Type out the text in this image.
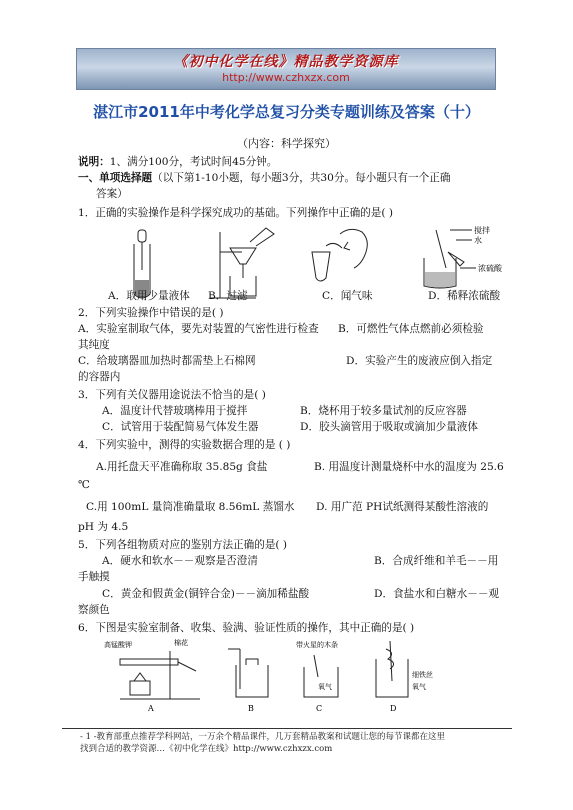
《初中化学在线》精品教学资源库
http://www.czhxzx.com
湛江市2011年中考化学总复习分类专题训练及答案（十）
（内容：科学探究）
说明：1、满分100分，考试时间45分钟。
一、单项选择题（以下第1-10小题，每小题3分，共30分。每小题只有一个正确
答案）
1．正确的实验操作是科学探究成功的基础。下列操作中正确的是( )
搅拌
水
浓硫酸
A．取用少量液体 B．过滤	C．闻气味	D．稀释浓硫酸
2．下列实验操作中错误的是( )
A．实验室制取气体，要先对装置的气密性进行检查 B．可燃性气体点燃前必须检验
其纯度
C．给玻璃器皿加热时都需垫上石棉网	D．实验产生的废液应倒入指定
的容器内
3．下列有关仪器用途说法不恰当的是( )
A．温度计代替玻璃棒用于搅拌	B．烧杯用于较多量试剂的反应容器
C．试管用于装配简易气体发生器	D．胶头滴管用于吸取或滴加少量液体
4．下列实验中，测得的实验数据合理的是 ( )
A.用托盘天平准确称取 35.85g 食盐	B. 用温度计测量烧杯中水的温度为 25.6
℃
C.用 100mL 量筒准确量取 8.56mL 蒸馏水 D. 用广范 PH试纸测得某酸性溶液的
pH 为 4.5
5．下列各组物质对应的鉴别方法正确的是( )
A．硬水和软水－－观察是否澄清	B．合成纤维和羊毛－－用
手触摸
C．黄金和假黄金(铜锌合金)－－滴加稀盐酸	D．食盐水和白糖水－－观
察颜色
6．下图是实验室制备、收集、验满、验证性质的操作，其中正确的是( )
高锰酸钾	棉花
A	B
带火星的木条
氧气
C
细铁丝
氧气
D
- 1 -教育部重点推荐学科网站，一万余个精品课件，几万套精品教案和试题让您的每节课都在这里
找到合适的教学资源…《初中化学在线》http://www.czhxzx.com
